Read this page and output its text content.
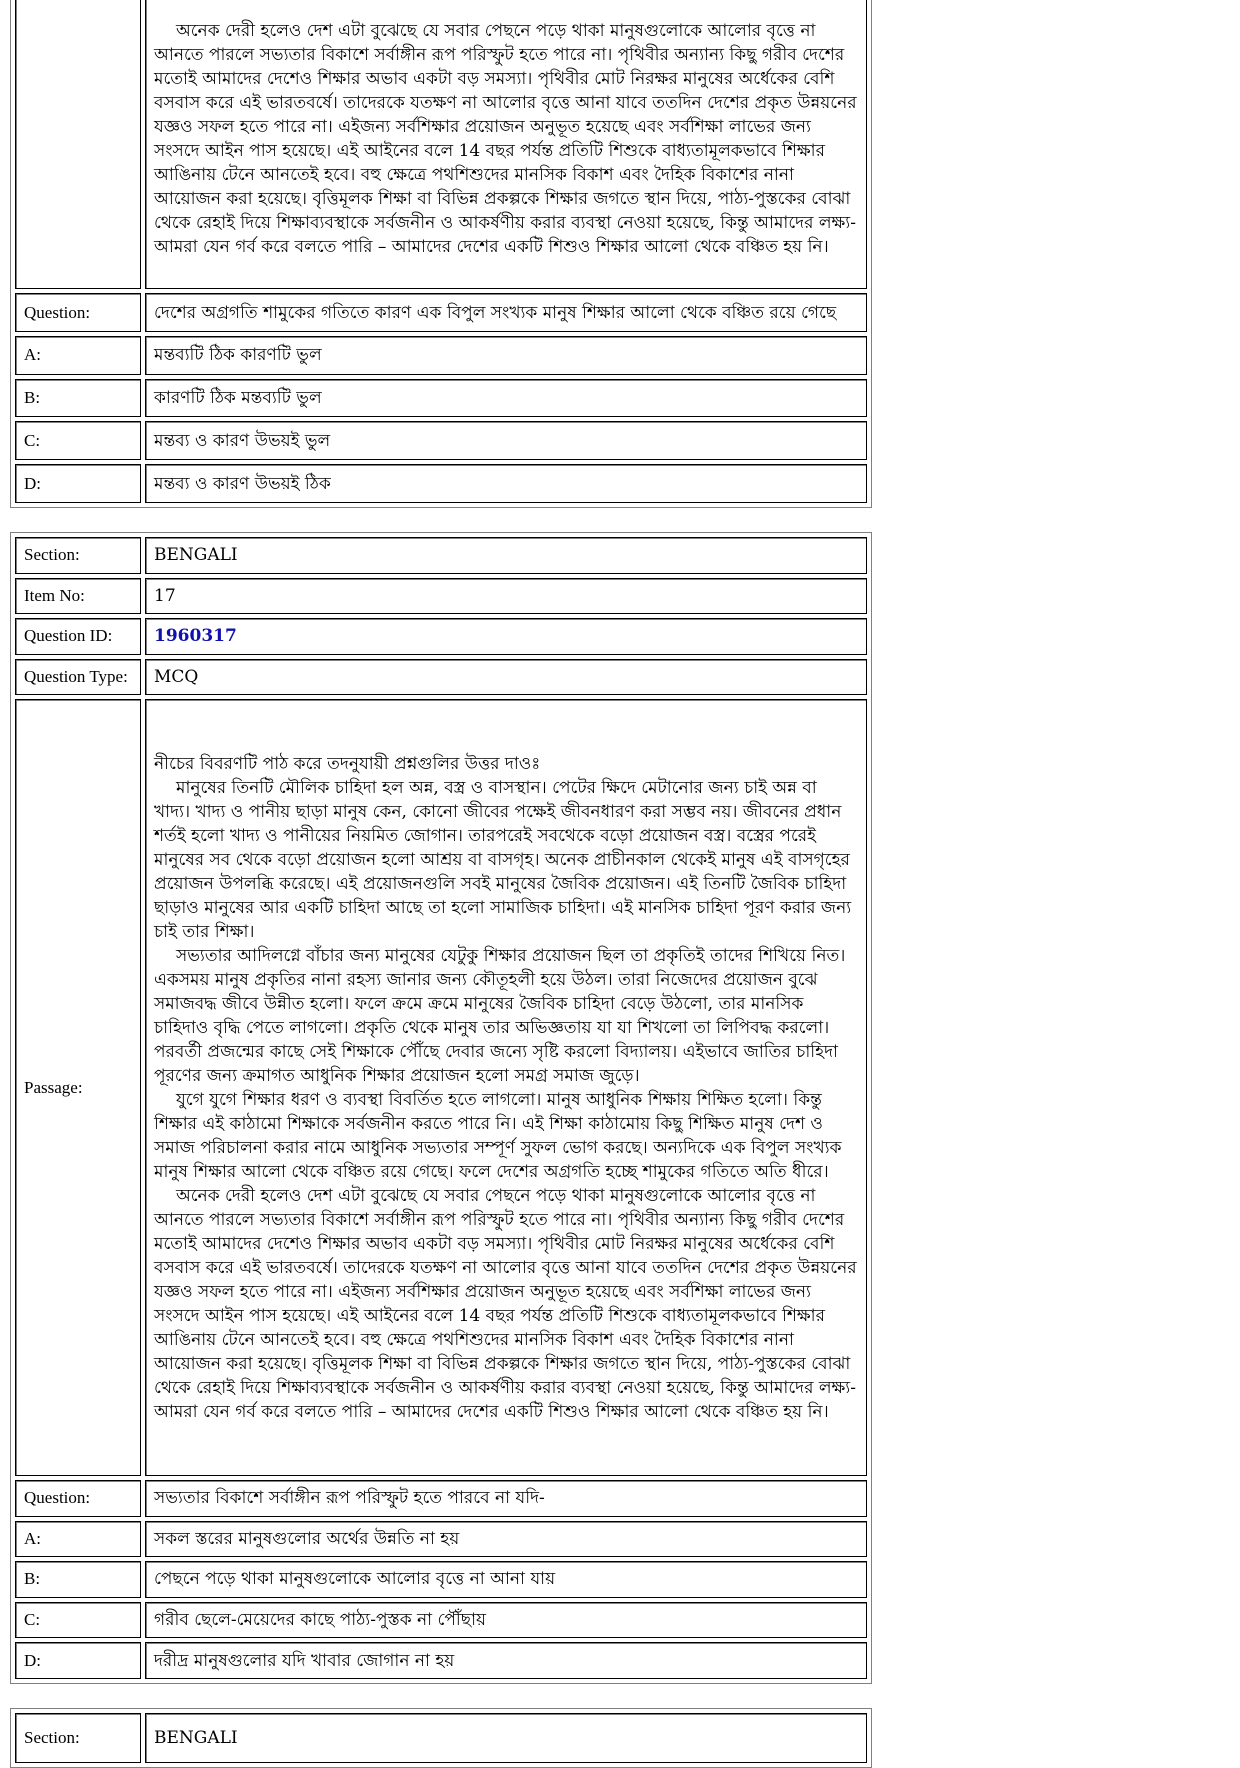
	অনেক দেরী হলেও দেশ এটা বুঝেছে যে সবার পেছনে পড়ে থাকা মানুষগুলোকে আলোর বৃত্তে না আনতে পারলে সভ্যতার বিকাশে সর্বাঙ্গীন রূপ পরিস্ফুট হতে পারে না। পৃথিবীর অন্যান্য কিছু গরীব দেশের মতোই আমাদের দেশেও শিক্ষার অভাব একটা বড় সমস্যা। পৃথিবীর মোট নিরক্ষর মানুষের অর্ধেকের বেশি বসবাস করে এই ভারতবর্ষে। তাদেরকে যতক্ষণ না আলোর বৃত্তে আনা যাবে ততদিন দেশের প্রকৃত উন্নয়নের যজ্ঞও সফল হতে পারে না। এইজন্য সর্বশিক্ষার প্রয়োজন অনুভূত হয়েছে এবং সর্বশিক্ষা লাভের জন্য সংসদে আইন পাস হয়েছে। এই আইনের বলে 14 বছর পর্যন্ত প্রতিটি শিশুকে বাধ্যতামূলকভাবে শিক্ষার আঙিনায় টেনে আনতেই হবে। বহু ক্ষেত্রে পথশিশুদের মানসিক বিকাশ এবং দৈহিক বিকাশের নানা আয়োজন করা হয়েছে। বৃত্তিমূলক শিক্ষা বা বিভিন্ন প্রকল্পকে শিক্ষার জগতে স্থান দিয়ে, পাঠ্য-পুস্তকের বোঝা থেকে রেহাই দিয়ে শিক্ষাব্যবস্থাকে সর্বজনীন ও আকর্ষণীয় করার ব্যবস্থা নেওয়া হয়েছে, কিন্তু আমাদের লক্ষ্য- আমরা যেন গর্ব করে বলতে পারি – আমাদের দেশের একটি শিশুও শিক্ষার আলো থেকে বঞ্চিত হয় নি।

Question:	দেশের অগ্রগতি শামুকের গতিতে কারণ এক বিপুল সংখ্যক মানুষ শিক্ষার আলো থেকে বঞ্চিত রয়ে গেছে
A:	মন্তব্যটি ঠিক কারণটি ভুল
B:	কারণটি ঠিক মন্তব্যটি ভুল
C:	মন্তব্য ও কারণ উভয়ই ভুল
D:	মন্তব্য ও কারণ উভয়ই ঠিক
Section:	BENGALI
Item No:	17
Question ID:	1960317
Question Type:	MCQ
Passage:	নীচের বিবরণটি পাঠ করে তদনুযায়ী প্রশ্নগুলির উত্তর দাওঃ

মানুষের তিনটি মৌলিক চাহিদা হল অন্ন, বস্ত্র ও বাসস্থান। পেটের ক্ষিদে মেটানোর জন্য চাই অন্ন বা খাদ্য। খাদ্য ও পানীয় ছাড়া মানুষ কেন, কোনো জীবের পক্ষেই জীবনধারণ করা সম্ভব নয়। জীবনের প্রধান শর্তই হলো খাদ্য ও পানীয়ের নিয়মিত জোগান। তারপরেই সবথেকে বড়ো প্রয়োজন বস্ত্র। বস্ত্রের পরেই মানুষের সব থেকে বড়ো প্রয়োজন হলো আশ্রয় বা বাসগৃহ। অনেক প্রাচীনকাল থেকেই মানুষ এই বাসগৃহের প্রয়োজন উপলব্ধি করেছে। এই প্রয়োজনগুলি সবই মানুষের জৈবিক প্রয়োজন। এই তিনটি জৈবিক চাহিদা ছাড়াও মানুষের আর একটি চাহিদা আছে তা হলো সামাজিক চাহিদা। এই মানসিক চাহিদা পূরণ করার জন্য চাই তার শিক্ষা।

সভ্যতার আদিলগ্নে বাঁচার জন্য মানুষের যেটুকু শিক্ষার প্রয়োজন ছিল তা প্রকৃতিই তাদের শিখিয়ে নিত। একসময় মানুষ প্রকৃতির নানা রহস্য জানার জন্য কৌতূহলী হয়ে উঠল। তারা নিজেদের প্রয়োজন বুঝে সমাজবদ্ধ জীবে উন্নীত হলো। ফলে ক্রমে ক্রমে মানুষের জৈবিক চাহিদা বেড়ে উঠলো, তার মানসিক চাহিদাও বৃদ্ধি পেতে লাগলো। প্রকৃতি থেকে মানুষ তার অভিজ্ঞতায় যা যা শিখলো তা লিপিবদ্ধ করলো। পরবর্তী প্রজন্মের কাছে সেই শিক্ষাকে পৌঁছে দেবার জন্যে সৃষ্টি করলো বিদ্যালয়। এইভাবে জাতির চাহিদা পূরণের জন্য ক্রমাগত আধুনিক শিক্ষার প্রয়োজন হলো সমগ্র সমাজ জুড়ে।

যুগে যুগে শিক্ষার ধরণ ও ব্যবস্থা বিবর্তিত হতে লাগলো। মানুষ আধুনিক শিক্ষায় শিক্ষিত হলো। কিন্তু শিক্ষার এই কাঠামো শিক্ষাকে সর্বজনীন করতে পারে নি। এই শিক্ষা কাঠামোয় কিছু শিক্ষিত মানুষ দেশ ও সমাজ পরিচালনা করার নামে আধুনিক সভ্যতার সম্পূর্ণ সুফল ভোগ করছে। অন্যদিকে এক বিপুল সংখ্যক মানুষ শিক্ষার আলো থেকে বঞ্চিত রয়ে গেছে। ফলে দেশের অগ্রগতি হচ্ছে শামুকের গতিতে অতি ধীরে।

অনেক দেরী হলেও দেশ এটা বুঝেছে যে সবার পেছনে পড়ে থাকা মানুষগুলোকে আলোর বৃত্তে না আনতে পারলে সভ্যতার বিকাশে সর্বাঙ্গীন রূপ পরিস্ফুট হতে পারে না। পৃথিবীর অন্যান্য কিছু গরীব দেশের মতোই আমাদের দেশেও শিক্ষার অভাব একটা বড় সমস্যা। পৃথিবীর মোট নিরক্ষর মানুষের অর্ধেকের বেশি বসবাস করে এই ভারতবর্ষে। তাদেরকে যতক্ষণ না আলোর বৃত্তে আনা যাবে ততদিন দেশের প্রকৃত উন্নয়নের যজ্ঞও সফল হতে পারে না। এইজন্য সর্বশিক্ষার প্রয়োজন অনুভূত হয়েছে এবং সর্বশিক্ষা লাভের জন্য সংসদে আইন পাস হয়েছে। এই আইনের বলে 14 বছর পর্যন্ত প্রতিটি শিশুকে বাধ্যতামূলকভাবে শিক্ষার আঙিনায় টেনে আনতেই হবে। বহু ক্ষেত্রে পথশিশুদের মানসিক বিকাশ এবং দৈহিক বিকাশের নানা আয়োজন করা হয়েছে। বৃত্তিমূলক শিক্ষা বা বিভিন্ন প্রকল্পকে শিক্ষার জগতে স্থান দিয়ে, পাঠ্য-পুস্তকের বোঝা থেকে রেহাই দিয়ে শিক্ষাব্যবস্থাকে সর্বজনীন ও আকর্ষণীয় করার ব্যবস্থা নেওয়া হয়েছে, কিন্তু আমাদের লক্ষ্য- আমরা যেন গর্ব করে বলতে পারি – আমাদের দেশের একটি শিশুও শিক্ষার আলো থেকে বঞ্চিত হয় নি।

Question:	সভ্যতার বিকাশে সর্বাঙ্গীন রূপ পরিস্ফুট হতে পারবে না যদি-
A:	সকল স্তরের মানুষগুলোর অর্থের উন্নতি না হয়
B:	পেছনে পড়ে থাকা মানুষগুলোকে আলোর বৃত্তে না আনা যায়
C:	গরীব ছেলে-মেয়েদের কাছে পাঠ্য-পুস্তক না পৌঁছায়
D:	দরীদ্র মানুষগুলোর যদি খাবার জোগান না হয়
Section:	BENGALI
